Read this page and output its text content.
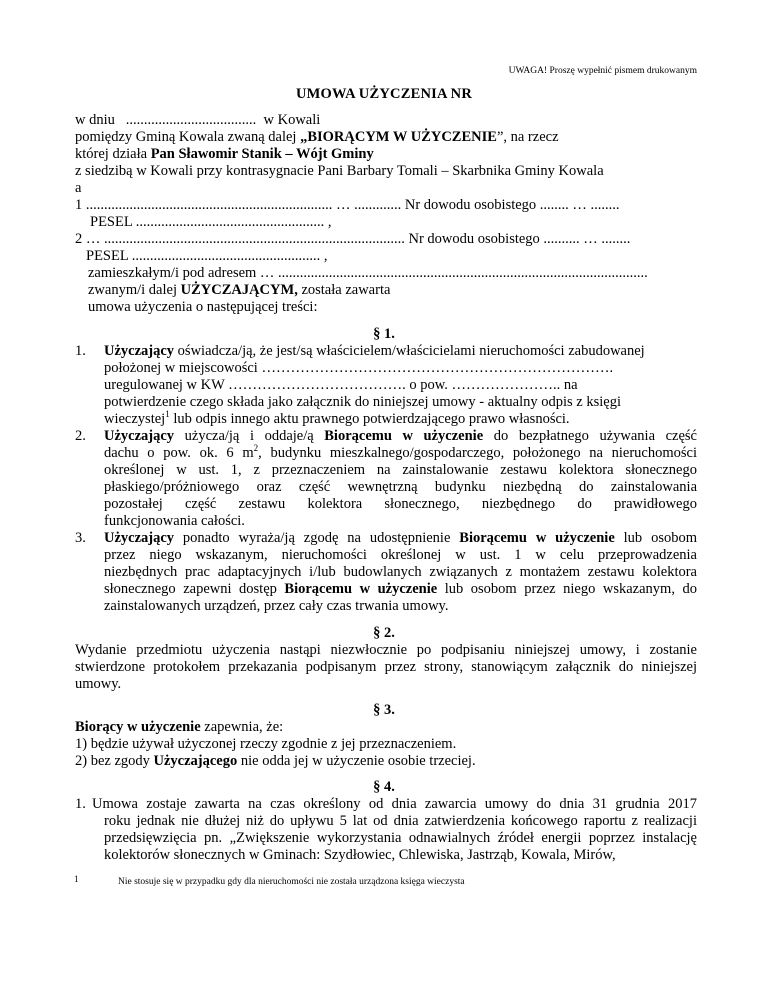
UWAGA! Proszę wypełnić pismem drukowanym
UMOWA UŻYCZENIA NR
w dniu .................................... w Kowali
pomiędzy Gminą Kowala zwaną dalej „BIORĄCYM W UŻYCZENIE”, na rzecz
której działa Pan Sławomir Stanik – Wójt Gminy
z siedzibą w Kowali przy kontrasygnacie Pani Barbary Tomali – Skarbnika Gminy Kowala
a
1 .................................................................... … ............. Nr dowodu osobistego ........ … ........
PESEL .................................................... ,
2 … ................................................................................... Nr dowodu osobistego .......... … ........
PESEL .................................................... ,
zamieszkałym/i pod adresem … ......................................................................................................
zwanym/i dalej UŻYCZAJĄCYM, została zawarta
umowa użyczenia o następującej treści:
§ 1.
1. Użyczający oświadcza/ją, że jest/są właścicielem/właścicielami nieruchomości zabudowanej
położonej w miejscowości ……………………………………………………………….
uregulowanej w KW ………………………………. o pow. ………………….. na
potwierdzenie czego składa jako załącznik do niniejszej umowy - aktualny odpis z księgi
wieczystej$^1$ lub odpis innego aktu prawnego potwierdzającego prawo własności.
2. Użyczający użycza/ją i oddaje/ą Biorącemu w użyczenie do bezpłatnego używania część
dachu o pow. ok. 6 $m^2$, budynku mieszkalnego/gospodarczego, położonego na nieruchomości
określonej w ust. 1, z przeznaczeniem na zainstalowanie zestawu kolektora słonecznego
płaskiego/próżniowego oraz część wewnętrzną budynku niezbędną do zainstalowania
pozostałej część zestawu kolektora słonecznego, niezbędnego do prawidłowego
funkcjonowania całości.
3. Użyczający ponadto wyraża/ją zgodę na udostępnienie Biorącemu w użyczenie lub osobom
przez niego wskazanym, nieruchomości określonej w ust. 1 w celu przeprowadzenia
niezbędnych prac adaptacyjnych i/lub budowlanych związanych z montażem zestawu kolektora
słonecznego zapewni dostęp Biorącemu w użyczenie lub osobom przez niego wskazanym, do
zainstalowanych urządzeń, przez cały czas trwania umowy.
§ 2.
Wydanie przedmiotu użyczenia nastąpi niezwłocznie po podpisaniu niniejszej umowy, i zostanie
stwierdzone protokołem przekazania podpisanym przez strony, stanowiącym załącznik do niniejszej
umowy.
§ 3.
Biorący w użyczenie zapewnia, że:
1) będzie używał użyczonej rzeczy zgodnie z jej przeznaczeniem.
2) bez zgody Użyczającego nie odda jej w użyczenie osobie trzeciej.
§ 4.
1. Umowa zostaje zawarta na czas określony od dnia zawarcia umowy do dnia 31 grudnia 2017
roku jednak nie dłużej niż do upływu 5 lat od dnia zatwierdzenia końcowego raportu z realizacji
przedsięwzięcia pn. „Zwiększenie wykorzystania odnawialnych źródeł energii poprzez instalację
kolektorów słonecznych w Gminach: Szydłowiec, Chlewiska, Jastrząb, Kowala, Mirów,
1	Nie stosuje się w przypadku gdy dla nieruchomości nie została urządzona księga wieczysta
